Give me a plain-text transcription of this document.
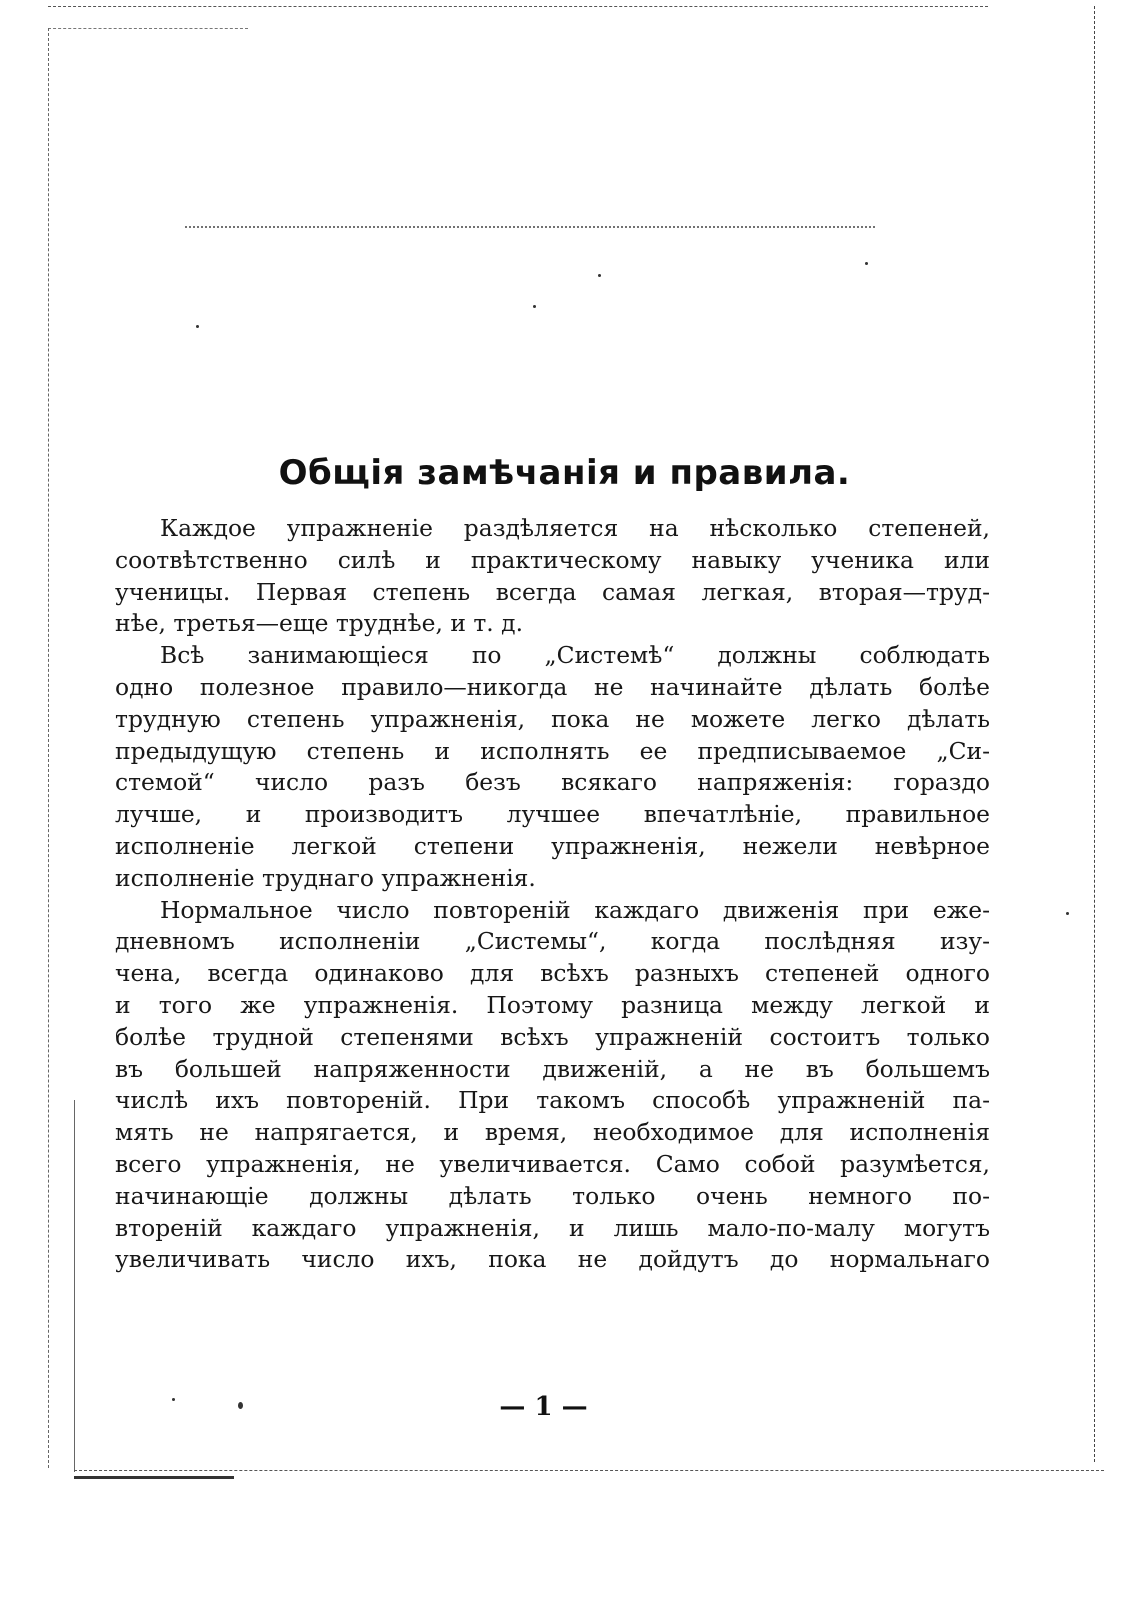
Общія замѣчанія и правила.

Каждое упражненіе раздѣляется на нѣсколько степеней,
соотвѣтственно силѣ и практическому навыку ученика или
ученицы. Первая степень всегда самая легкая, вторая—труд-
нѣе, третья—еще труднѣе, и т. д.

Всѣ занимающіеся по „Системѣ“ должны соблюдать
одно полезное правило—никогда не начинайте дѣлать болѣе
трудную степень упражненія, пока не можете легко дѣлать
предыдущую степень и исполнять ее предписываемое „Си-
стемой“ число разъ безъ всякаго напряженія: гораздо
лучше, и производитъ лучшее впечатлѣніе, правильное
исполненіе легкой степени упражненія, нежели невѣрное
исполненіе труднаго упражненія.

Нормальное число повтореній каждаго движенія при еже-
дневномъ исполненіи „Системы“, когда послѣдняя изу-
чена, всегда одинаково для всѣхъ разныхъ степеней одного
и того же упражненія. Поэтому разница между легкой и
болѣе трудной степенями всѣхъ упражненій состоитъ только
въ большей напряженности движеній, а не въ большемъ
числѣ ихъ повтореній. При такомъ способѣ упражненій па-
мять не напрягается, и время, необходимое для исполненія
всего упражненія, не увеличивается. Само собой разумѣется,
начинающіе должны дѣлать только очень немного по-
втореній каждаго упражненія, и лишь мало-по-малу могутъ
увеличивать число ихъ, пока не дойдутъ до нормальнаго

— 1 —
